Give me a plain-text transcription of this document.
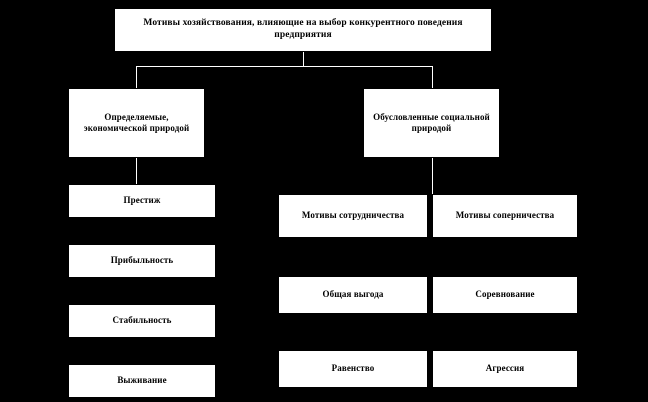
Мотивы хозяйствования, влияющие на выбор конкурентного поведения предприятия
Определяемые, экономической природой
Обусловленные социальной природой
Престиж
Прибыльность
Стабильность
Выживание
Мотивы сотрудничества	Мотивы соперничества
Общая выгода	Соревнование
Равенство	Агрессия
